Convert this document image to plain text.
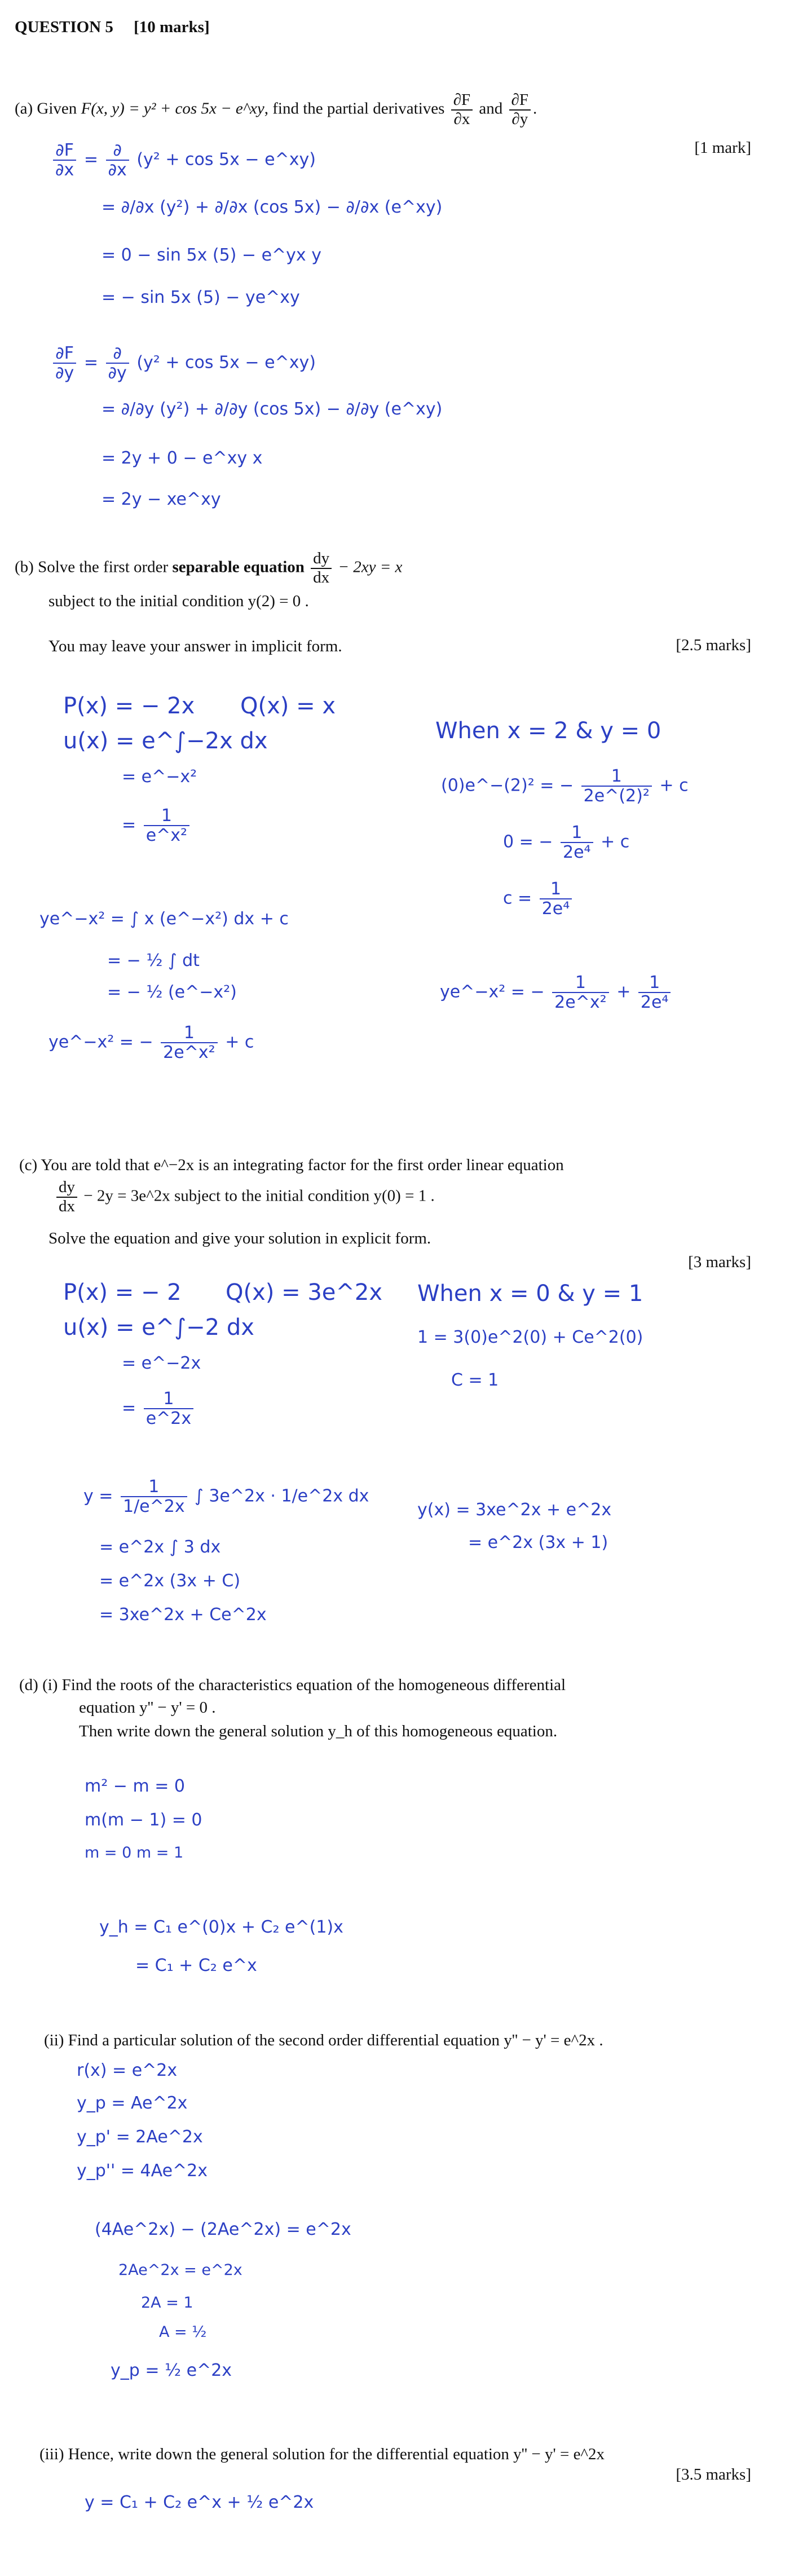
QUESTION 5 [10 marks]
(a) Given F(x, y) = y² + cos 5x − e^xy, find the partial derivatives $\frac{\partial F}{\partial x}$ and $\frac{\partial F}{\partial y}$ .
[1 mark]
$\frac{\partial F}{\partial x} = \frac{\partial}{\partial x} (y^2 + \cos 5x$ − e^xy)
= ∂/∂x (y²) + ∂/∂x (cos 5x) − ∂/∂x (e^xy)
= 0 − sin 5x (5) − e^yx y
= − sin 5x (5) − ye^xy
$\frac{\partial F}{\partial y} = \frac{\partial}{\partial y} (y^2 + \cos 5x$ − e^xy)
= ∂/∂y (y²) + ∂/∂y (cos 5x) − ∂/∂y (e^xy)
= 2y + 0 − e^xy x
= 2y − xe^xy
(b) Solve the first order separable equation $\frac{dy}{dx} - 2xy = x$
subject to the initial condition y(2) = 0 .
You may leave your answer in implicit form.	[2.5 marks]
P(x) = − 2x Q(x) = x
u(x) = e^∫−2x dx
= e^−x²
= $\frac{1}{\text{e\textasciicircum{}x²}}$
ye^−x² = ∫ x (e^−x²) dx + c
= − ½ ∫ dt
= − ½ (e^−x²)
ye^−x² = − $\frac{1}{\text{2e\textasciicircum{}x²}} + c$
When x = 2 & y = 0
(0)e^−(2)² = − $\frac{1}{\text{2e\textasciicircum{}(2)²}} + c$
0 = − $\frac{1}{\text{2e⁴}} + c$
$c = \frac{1}{\text{2e⁴}}$
ye^−x² = − $\frac{1}{\text{2e\textasciicircum{}x²}} + \frac{1}{\text{2e⁴}}$
(c) You are told that e^−2x is an integrating factor for the first order linear equation
$\frac{dy}{dx} - 2y$ = 3e^2x subject to the initial condition y(0) = 1 .
Solve the equation and give your solution in explicit form.
[3 marks]
P(x) = − 2 Q(x) = 3e^2x
u(x) = e^∫−2 dx
= e^−2x
= $\frac{1}{e\^{}2x}$
$y = \frac{1}{1/e\^{}2x}$ ∫ 3e^2x · 1/e^2x dx
= e^2x ∫ 3 dx
= e^2x (3x + C)
= 3xe^2x + Ce^2x
When x = 0 & y = 1
1 = 3(0)e^2(0) + Ce^2(0)
C = 1
y(x) = 3xe^2x + e^2x
= e^2x (3x + 1)
(d) (i) Find the roots of the characteristics equation of the homogeneous differential
equation y'' − y' = 0 .
Then write down the general solution y_h of this homogeneous equation.
m² − m = 0
m(m − 1) = 0
m = 0 m = 1
y_h = C₁ e^(0)x + C₂ e^(1)x
= C₁ + C₂ e^x
(ii) Find a particular solution of the second order differential equation y'' − y' = e^2x .
r(x) = e^2x
y_p = Ae^2x
y_p' = 2Ae^2x
y_p'' = 4Ae^2x
(4Ae^2x) − (2Ae^2x) = e^2x
2Ae^2x = e^2x
2A = 1
A = ½
y_p = ½ e^2x
(iii) Hence, write down the general solution for the differential equation y'' − y' = e^2x
[3.5 marks]
y = C₁ + C₂ e^x + ½ e^2x
